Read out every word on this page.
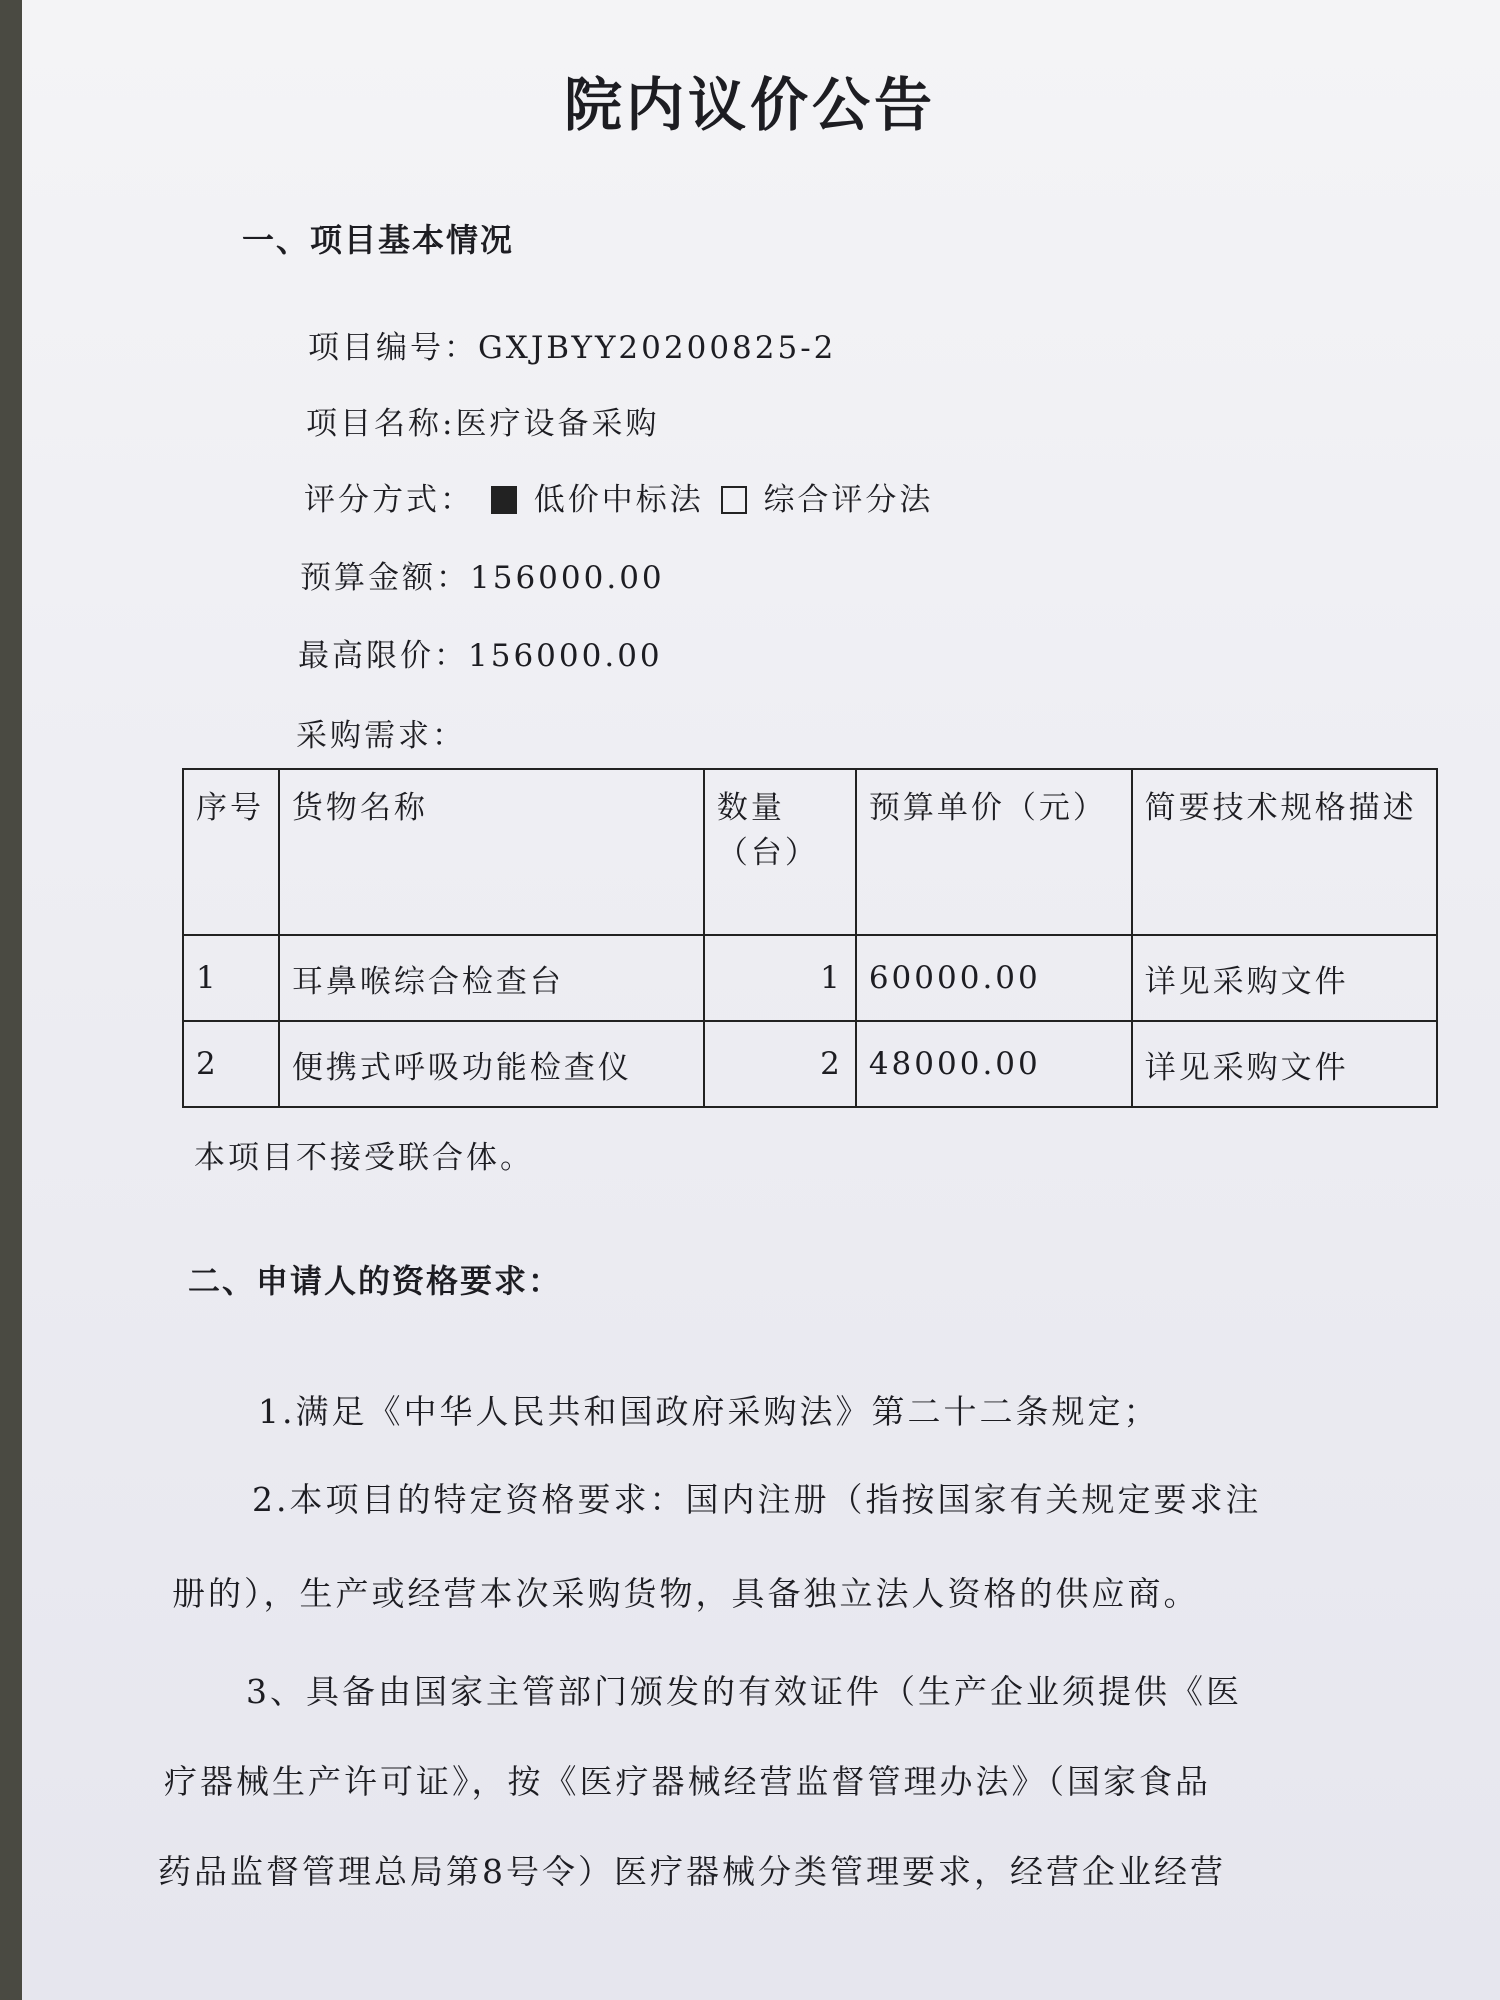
院内议价公告
一、项目基本情况
项目编号：GXJBYY20200825-2
项目名称:医疗设备采购
评分方式： 低价中标法 综合评分法
预算金额：156000.00
最高限价：156000.00
采购需求：
序号	货物名称	数量（台）	预算单价（元）	简要技术规格描述
1	耳鼻喉综合检查台	1	60000.00	详见采购文件
2	便携式呼吸功能检查仪	2	48000.00	详见采购文件
本项目不接受联合体。
二、申请人的资格要求：
1.满足《中华人民共和国政府采购法》第二十二条规定；
2.本项目的特定资格要求：国内注册（指按国家有关规定要求注
册的），生产或经营本次采购货物，具备独立法人资格的供应商。
3、具备由国家主管部门颁发的有效证件（生产企业须提供《医
疗器械生产许可证》，按《医疗器械经营监督管理办法》（国家食品
药品监督管理总局第8号令）医疗器械分类管理要求，经营企业经营
